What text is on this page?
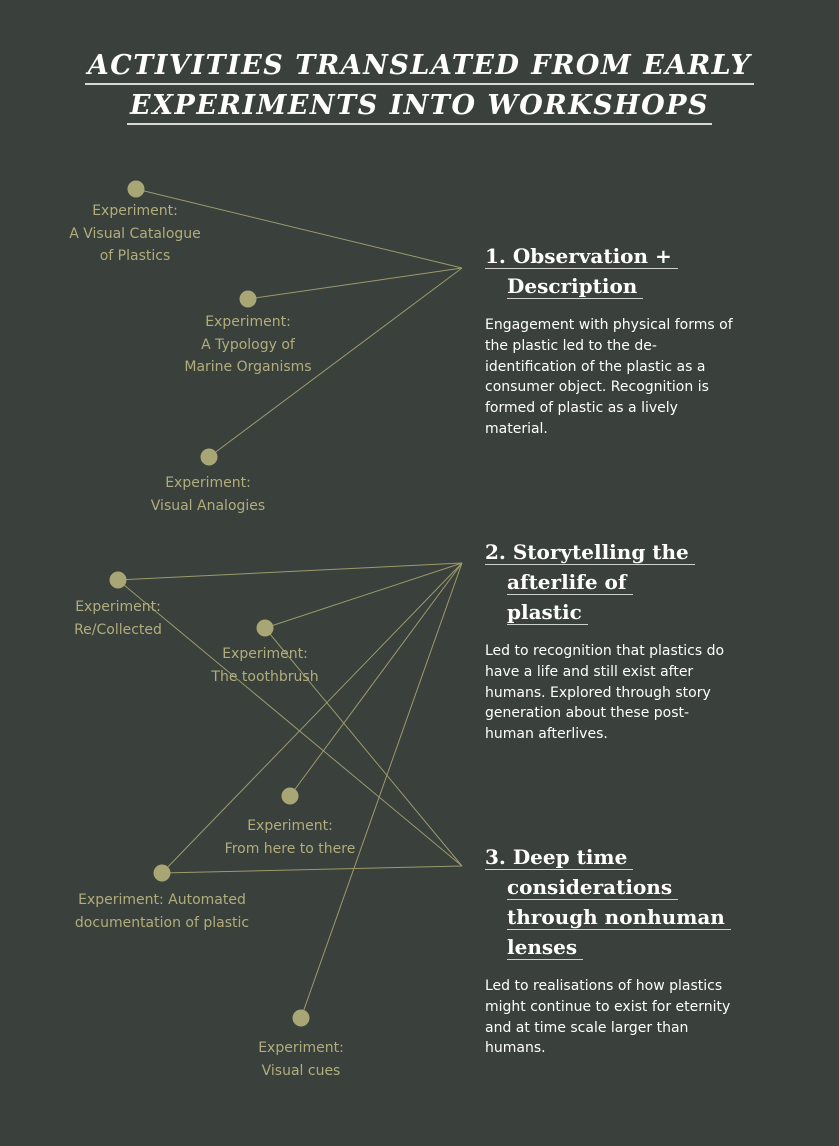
ACTIVITIES TRANSLATED FROM EARLY
EXPERIMENTS INTO WORKSHOPS
Experiment:
A Visual Catalogue
of Plastics
Experiment:
A Typology of
Marine Organisms
Experiment:
Visual Analogies
Experiment:
Re/Collected
Experiment:
The toothbrush
Experiment:
From here to there
Experiment: Automated
documentation of plastic
Experiment:
Visual cues
1. Observation +
Description
Engagement with physical forms of the plastic led to the de-identification of the plastic as a consumer object. Recognition is formed of plastic as a lively material.
2. Storytelling the
afterlife of
plastic
Led to recognition that plastics do have a life and still exist after humans. Explored through story generation about these post-human afterlives.
3. Deep time
considerations
through nonhuman
lenses
Led to realisations of how plastics might continue to exist for eternity and at time scale larger than humans.
